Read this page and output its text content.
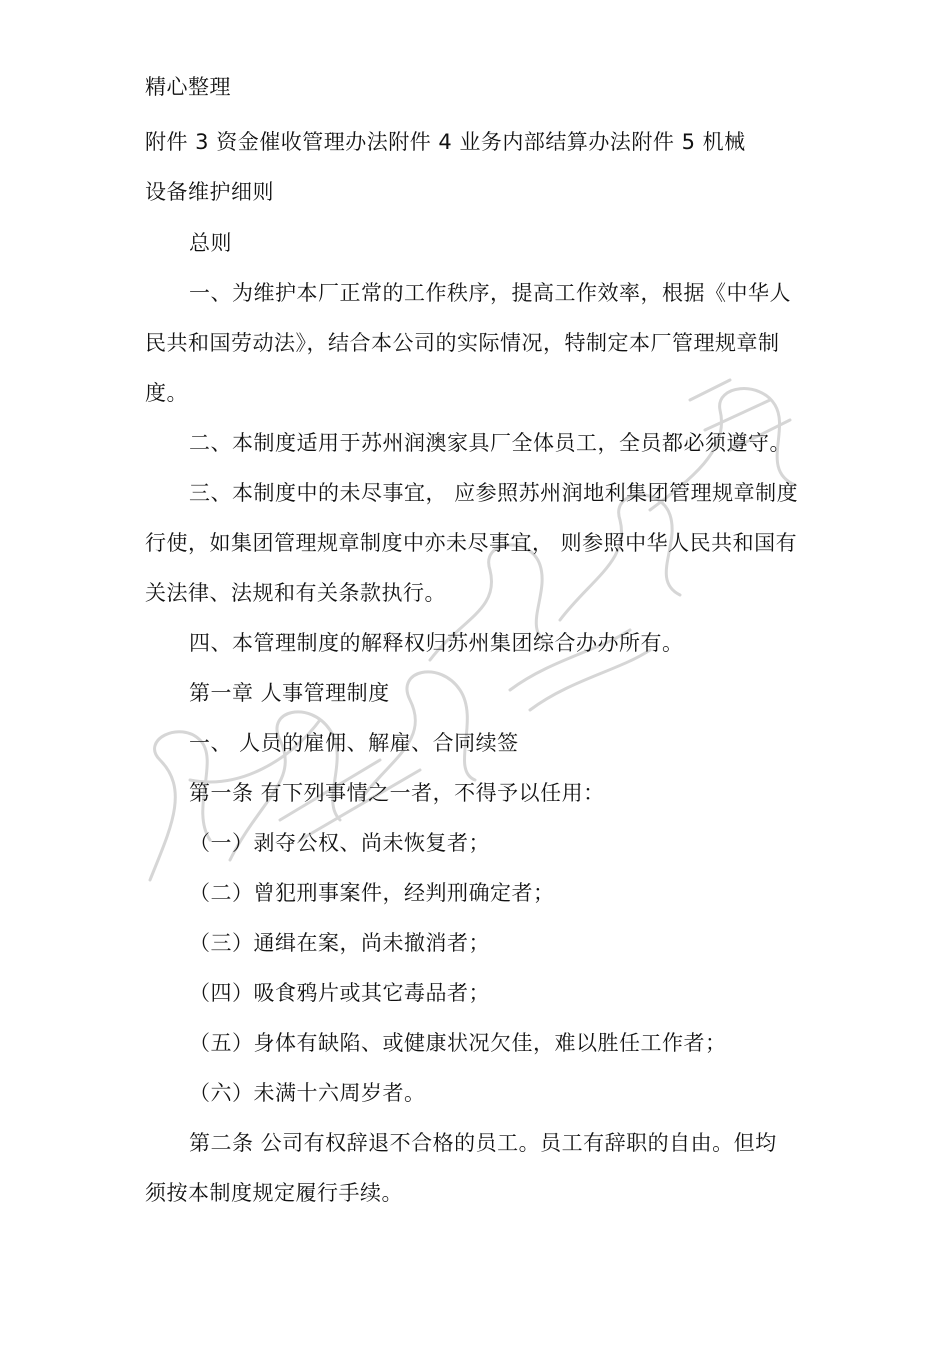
精心整理
附件 3 资金催收管理办法附件 4 业务内部结算办法附件 5 机械
设备维护细则
总则
一、为维护本厂正常的工作秩序，提高工作效率，根据《中华人
民共和国劳动法》，结合本公司的实际情况，特制定本厂管理规章制
度。
二、本制度适用于苏州润澳家具厂全体员工，全员都必须遵守。
三、本制度中的未尽事宜， 应参照苏州润地利集团管理规章制度
行使，如集团管理规章制度中亦未尽事宜， 则参照中华人民共和国有
关法律、法规和有关条款执行。
四、本管理制度的解释权归苏州集团综合办办所有。
第一章 人事管理制度
一、 人员的雇佣、解雇、合同续签
第一条 有下列事情之一者，不得予以任用：
（一）剥夺公权、尚未恢复者；
（二）曾犯刑事案件，经判刑确定者；
（三）通缉在案，尚未撤消者；
（四）吸食鸦片或其它毒品者；
（五）身体有缺陷、或健康状况欠佳，难以胜任工作者；
（六）未满十六周岁者。
第二条 公司有权辞退不合格的员工。员工有辞职的自由。但均
须按本制度规定履行手续。
